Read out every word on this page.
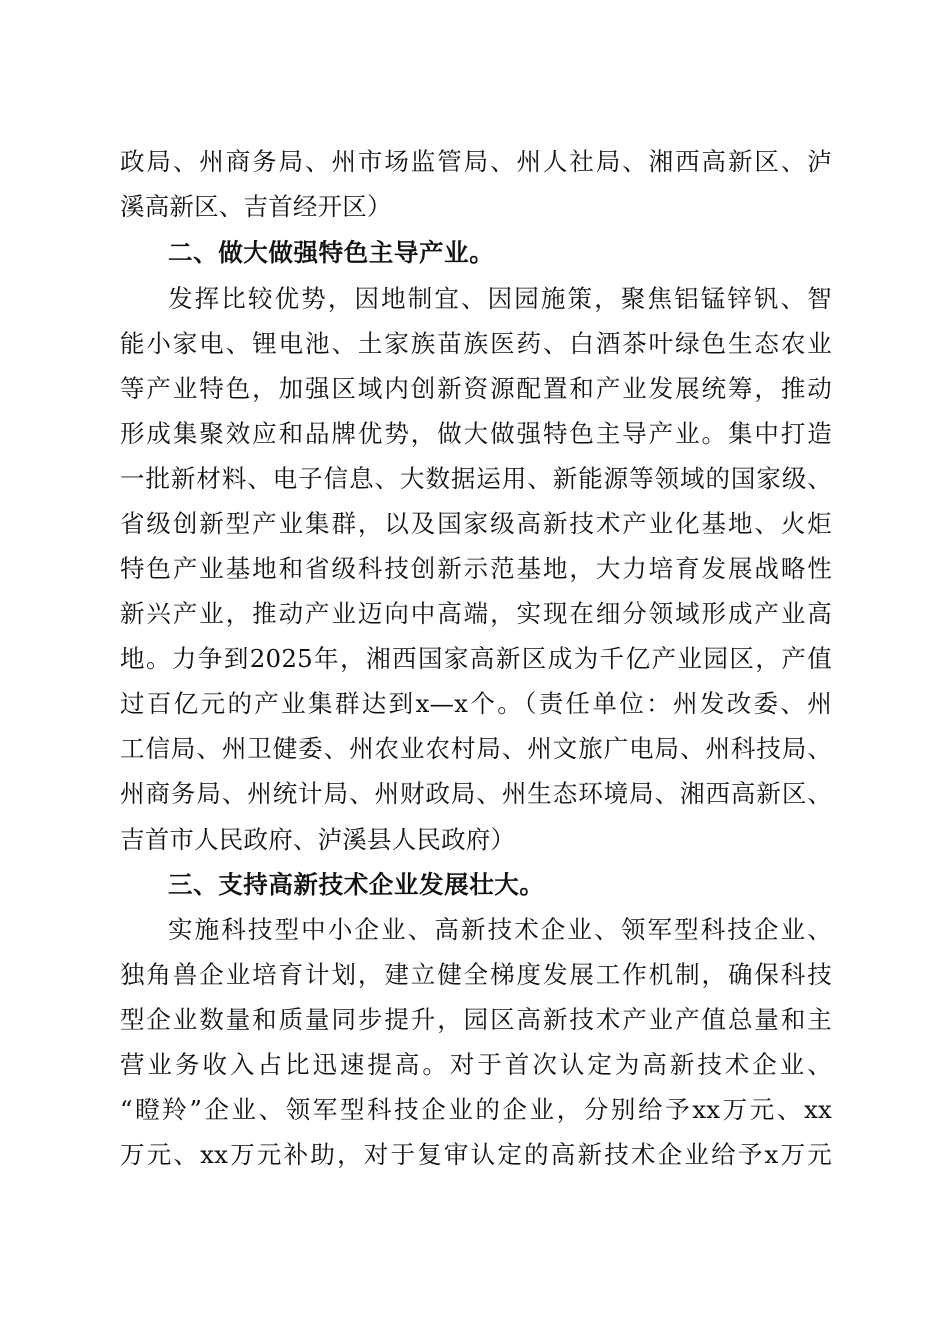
政局、州商务局、州市场监管局、州人社局、湘西高新区、泸
溪高新区、吉首经开区）
二、做大做强特色主导产业。
发挥比较优势，因地制宜、因园施策，聚焦铝锰锌钒、智
能小家电、锂电池、土家族苗族医药、白酒茶叶绿色生态农业
等产业特色，加强区域内创新资源配置和产业发展统筹，推动
形成集聚效应和品牌优势，做大做强特色主导产业。集中打造
一批新材料、电子信息、大数据运用、新能源等领域的国家级、
省级创新型产业集群，以及国家级高新技术产业化基地、火炬
特色产业基地和省级科技创新示范基地，大力培育发展战略性
新兴产业，推动产业迈向中高端，实现在细分领域形成产业高
地。力争到2025年，湘西国家高新区成为千亿产业园区，产值
过百亿元的产业集群达到x—x个。（责任单位：州发改委、州
工信局、州卫健委、州农业农村局、州文旅广电局、州科技局、
州商务局、州统计局、州财政局、州生态环境局、湘西高新区、
吉首市人民政府、泸溪县人民政府）
三、支持高新技术企业发展壮大。
实施科技型中小企业、高新技术企业、领军型科技企业、
独角兽企业培育计划，建立健全梯度发展工作机制，确保科技
型企业数量和质量同步提升，园区高新技术产业产值总量和主
营业务收入占比迅速提高。对于首次认定为高新技术企业、
“瞪羚”企业、领军型科技企业的企业，分别给予xx万元、xx
万元、xx万元补助，对于复审认定的高新技术企业给予x万元
